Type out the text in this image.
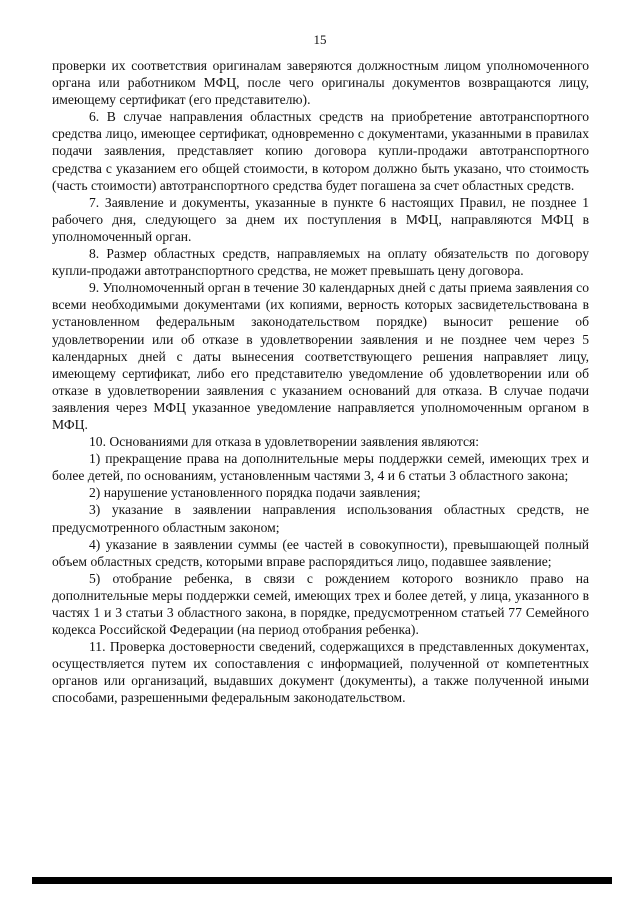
15

проверки их соответствия оригиналам заверяются должностным лицом уполномоченного органа или работником МФЦ, после чего оригиналы документов возвращаются лицу, имеющему сертификат (его представителю).

6. В случае направления областных средств на приобретение автотранспортного средства лицо, имеющее сертификат, одновременно с документами, указанными в правилах подачи заявления, представляет копию договора купли-продажи автотранспортного средства с указанием его общей стоимости, в котором должно быть указано, что стоимость (часть стоимости) автотранспортного средства будет погашена за счет областных средств.

7. Заявление и документы, указанные в пункте 6 настоящих Правил, не позднее 1 рабочего дня, следующего за днем их поступления в МФЦ, направляются МФЦ в уполномоченный орган.

8. Размер областных средств, направляемых на оплату обязательств по договору купли-продажи автотранспортного средства, не может превышать цену договора.

9. Уполномоченный орган в течение 30 календарных дней с даты приема заявления со всеми необходимыми документами (их копиями, верность которых засвидетельствована в установленном федеральным законодательством порядке) выносит решение об удовлетворении или об отказе в удовлетворении заявления и не позднее чем через 5 календарных дней с даты вынесения соответствующего решения направляет лицу, имеющему сертификат, либо его представителю уведомление об удовлетворении или об отказе в удовлетворении заявления с указанием оснований для отказа. В случае подачи заявления через МФЦ указанное уведомление направляется уполномоченным органом в МФЦ.

10. Основаниями для отказа в удовлетворении заявления являются:

1) прекращение права на дополнительные меры поддержки семей, имеющих трех и более детей, по основаниям, установленным частями 3, 4 и 6 статьи 3 областного закона;

2) нарушение установленного порядка подачи заявления;

3) указание в заявлении направления использования областных средств, не предусмотренного областным законом;

4) указание в заявлении суммы (ее частей в совокупности), превышающей полный объем областных средств, которыми вправе распорядиться лицо, подавшее заявление;

5) отобрание ребенка, в связи с рождением которого возникло право на дополнительные меры поддержки семей, имеющих трех и более детей, у лица, указанного в частях 1 и 3 статьи 3 областного закона, в порядке, предусмотренном статьей 77 Семейного кодекса Российской Федерации (на период отобрания ребенка).

11. Проверка достоверности сведений, содержащихся в представленных документах, осуществляется путем их сопоставления с информацией, полученной от компетентных органов или организаций, выдавших документ (документы), а также полученной иными способами, разрешенными федеральным законодательством.
